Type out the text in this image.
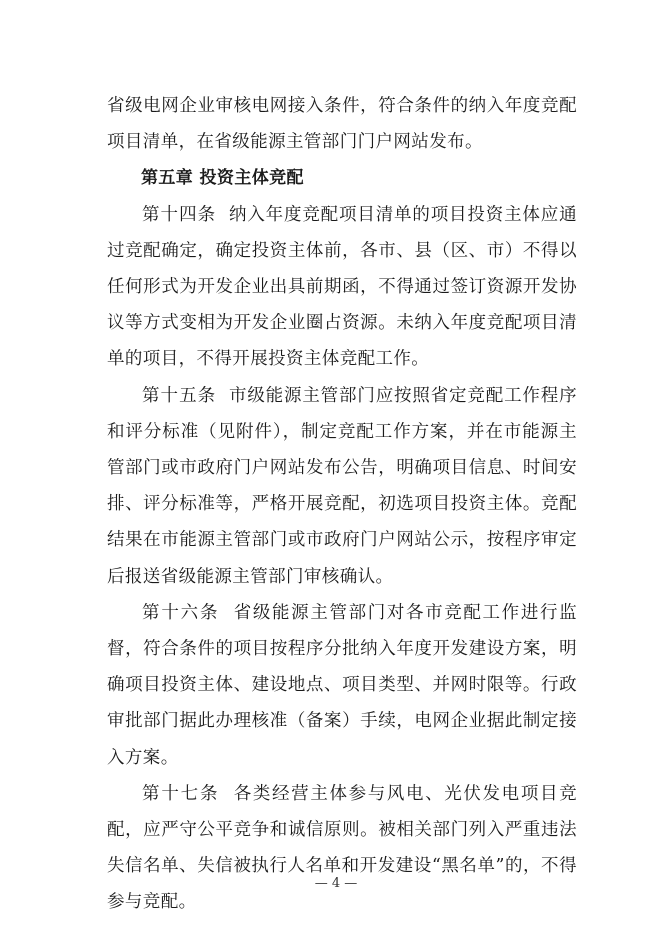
省级电网企业审核电网接入条件，符合条件的纳入年度竞配项目清单，在省级能源主管部门门户网站发布。

第五章 投资主体竞配

第十四条 纳入年度竞配项目清单的项目投资主体应通过竞配确定，确定投资主体前，各市、县（区、市）不得以任何形式为开发企业出具前期函，不得通过签订资源开发协议等方式变相为开发企业圈占资源。未纳入年度竞配项目清单的项目，不得开展投资主体竞配工作。

第十五条 市级能源主管部门应按照省定竞配工作程序和评分标准（见附件），制定竞配工作方案，并在市能源主管部门或市政府门户网站发布公告，明确项目信息、时间安排、评分标准等，严格开展竞配，初选项目投资主体。竞配结果在市能源主管部门或市政府门户网站公示，按程序审定后报送省级能源主管部门审核确认。

第十六条 省级能源主管部门对各市竞配工作进行监督，符合条件的项目按程序分批纳入年度开发建设方案，明确项目投资主体、建设地点、项目类型、并网时限等。行政审批部门据此办理核准（备案）手续，电网企业据此制定接入方案。

第十七条 各类经营主体参与风电、光伏发电项目竞配，应严守公平竞争和诚信原则。被相关部门列入严重违法失信名单、失信被执行人名单和开发建设“黑名单”的，不得参与竞配。

— 4 —
